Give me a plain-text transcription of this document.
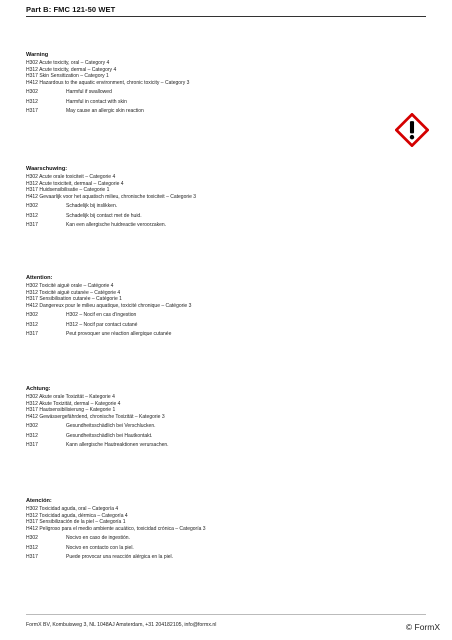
Part B: FMC 121-50 WET
Warning
H302 Acute toxicity, oral – Category 4
H312 Acute toxicity, dermal – Category 4
H317 Skin Sensitization – Category 1
H412 Hazardous to the aquatic environment, chronic toxicity – Category 3
H302	Harmful if swallowed
H312	Harmful in contact with skin
H317	May cause an allergic skin reaction
Waarschuwing:
H302 Acute orale toxiciteit – Categorie 4
H312 Acute toxiciteit, dermaal – Categorie 4
H317 Huidsensibilisatie – Categorie 1
H412 Gevaarlijk voor het aquatisch milieu, chronische toxiciteit – Categorie 3
H302	Schadelijk bij inslikken.
H312	Schadelijk bij contact met de huid.
H317	Kan een allergische huidreactie veroorzaken.
Attention:
H302 Toxicité aiguë orale – Catégorie 4
H312 Toxicité aiguë cutanée – Catégorie 4
H317 Sensibilisation cutanée – Catégorie 1
H412 Dangereux pour le milieu aquatique, toxicité chronique – Catégorie 3
H302	H302 – Nocif en cas d’ingestion
H312	H312 – Nocif par contact cutané
H317	Peut provoquer une réaction allergique cutanée
Achtung:
H302 Akute orale Toxizität – Kategorie 4
H312 Akute Toxizität, dermal – Kategorie 4
H317 Hautsensibilisierung – Kategorie 1
H412 Gewässergefährdend, chronische Toxizität – Kategorie 3
H302	Gesundheitsschädlich bei Verschlucken.
H312	Gesundheitsschädlich bei Hautkontakt.
H317	Kann allergische Hautreaktionen verursachen.
Atención:
H302 Toxicidad aguda, oral – Categoría 4
H312 Toxicidad aguda, dérmica – Categoría 4
H317 Sensibilización de la piel – Categoría 1
H412 Peligroso para el medio ambiente acuático, toxicidad crónica – Categoría 3
H302	Nocivo en caso de ingestión.
H312	Nocivo en contacto con la piel.
H317	Puede provocar una reacción alérgica en la piel.
FormX BV, Kombuisweg 3, NL 1048AJ Amsterdam, +31 20418210​5, info@formx.nl	© FormX
